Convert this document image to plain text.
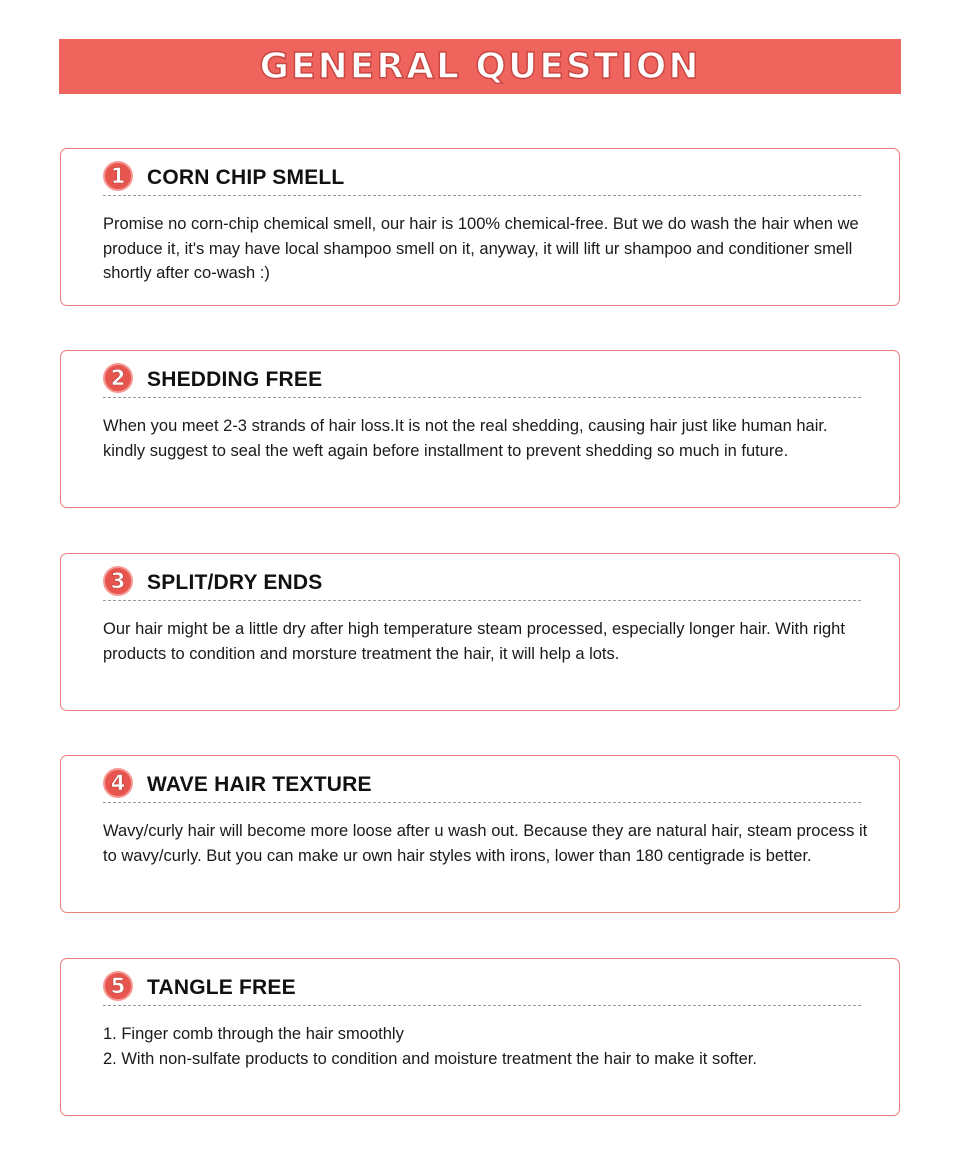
GENERAL QUESTION
1	CORN CHIP SMELL

Promise no corn-chip chemical smell, our hair is 100% chemical-free. But we do wash the hair when we produce it, it's may have local shampoo smell on it, anyway, it will lift ur shampoo and conditioner smell shortly after co-wash :)

2	SHEDDING FREE

When you meet 2-3 strands of hair loss.It is not the real shedding, causing hair just like human hair. kindly suggest to seal the weft again before installment to prevent shedding so much in future.

3	SPLIT/DRY ENDS

Our hair might be a little dry after high temperature steam processed, especially longer hair. With right products to condition and morsture treatment the hair, it will help a lots.

4	WAVE HAIR TEXTURE

Wavy/curly hair will become more loose after u wash out. Because they are natural hair, steam process it to wavy/curly. But you can make ur own hair styles with irons, lower than 180 centigrade is better.

5	TANGLE FREE

1. Finger comb through the hair smoothly

2. With non-sulfate products to condition and moisture treatment the hair to make it softer.
